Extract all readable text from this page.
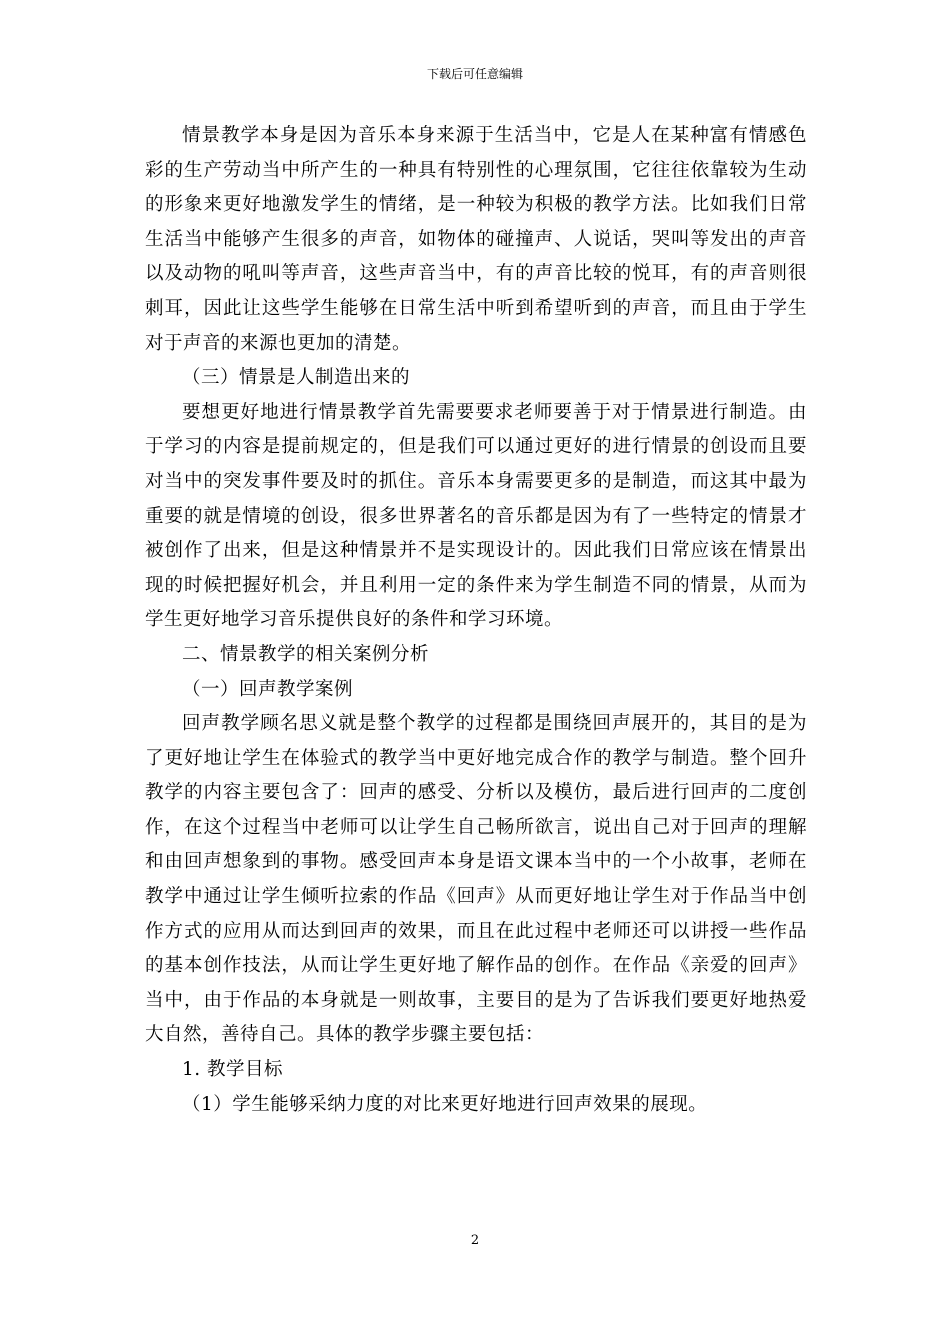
下载后可任意编辑

情景教学本身是因为音乐本身来源于生活当中，它是人在某种富有情感色彩的生产劳动当中所产生的一种具有特别性的心理氛围，它往往依靠较为生动的形象来更好地激发学生的情绪，是一种较为积极的教学方法。比如我们日常生活当中能够产生很多的声音，如物体的碰撞声、人说话，哭叫等发出的声音以及动物的吼叫等声音，这些声音当中，有的声音比较的悦耳，有的声音则很刺耳，因此让这些学生能够在日常生活中听到希望听到的声音，而且由于学生对于声音的来源也更加的清楚。

（三）情景是人制造出来的

要想更好地进行情景教学首先需要要求老师要善于对于情景进行制造。由于学习的内容是提前规定的，但是我们可以通过更好的进行情景的创设而且要对当中的突发事件要及时的抓住。音乐本身需要更多的是制造，而这其中最为重要的就是情境的创设，很多世界著名的音乐都是因为有了一些特定的情景才被创作了出来，但是这种情景并不是实现设计的。因此我们日常应该在情景出现的时候把握好机会，并且利用一定的条件来为学生制造不同的情景，从而为学生更好地学习音乐提供良好的条件和学习环境。

二、情景教学的相关案例分析

（一）回声教学案例

回声教学顾名思义就是整个教学的过程都是围绕回声展开的，其目的是为了更好地让学生在体验式的教学当中更好地完成合作的教学与制造。整个回升教学的内容主要包含了：回声的感受、分析以及模仿，最后进行回声的二度创作，在这个过程当中老师可以让学生自己畅所欲言，说出自己对于回声的理解和由回声想象到的事物。感受回声本身是语文课本当中的一个小故事，老师在教学中通过让学生倾听拉索的作品《回声》从而更好地让学生对于作品当中创作方式的应用从而达到回声的效果，而且在此过程中老师还可以讲授一些作品的基本创作技法，从而让学生更好地了解作品的创作。在作品《亲爱的回声》当中，由于作品的本身就是一则故事，主要目的是为了告诉我们要更好地热爱大自然，善待自己。具体的教学步骤主要包括：

1. 教学目标

（1）学生能够采纳力度的对比来更好地进行回声效果的展现。

2
